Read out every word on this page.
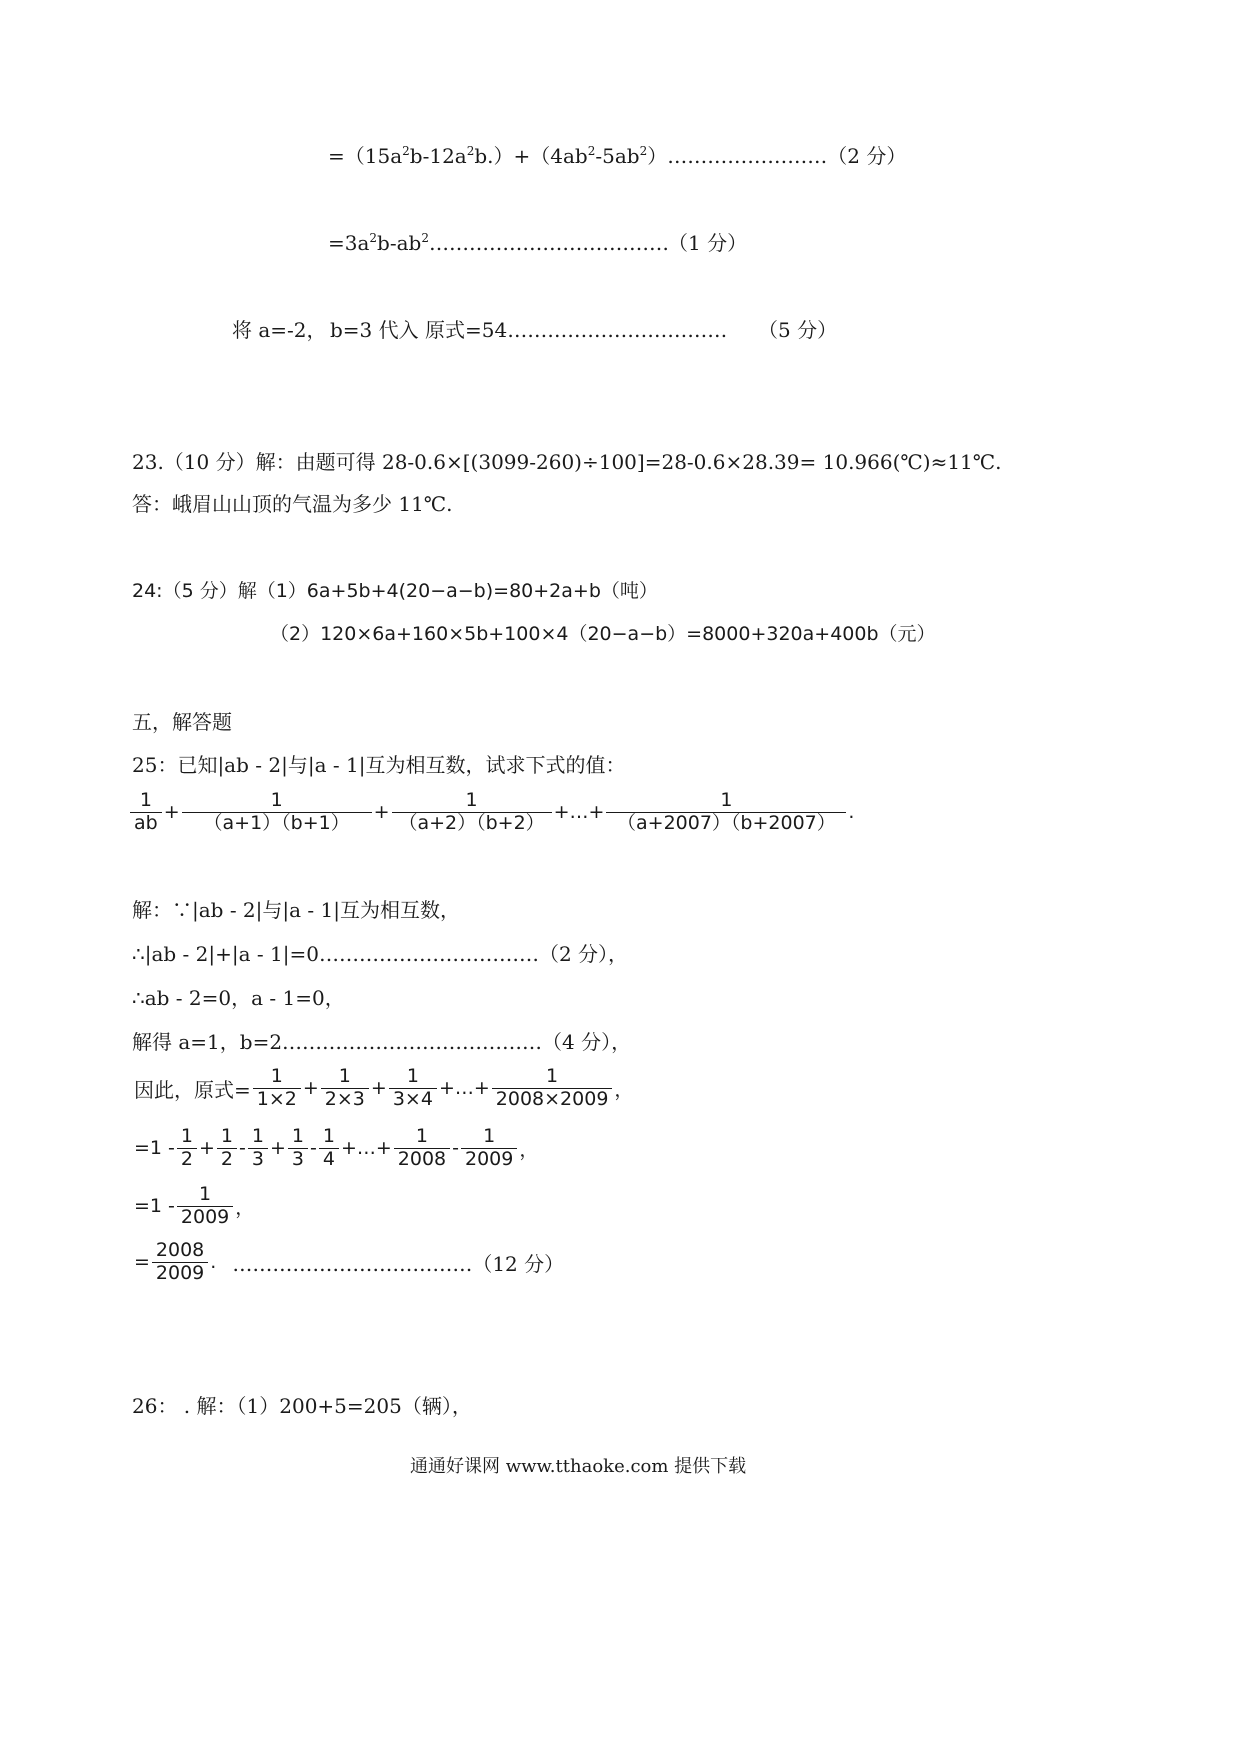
$=(15a^2b-12a^2b.)+(4ab^2-5ab^2)\dots\dots\dots\dots\dots\dots\dots\dots(2$ 分）
$=3a^2b-ab^2\dots\dots\dots\dots\dots\dots\dots\dots\dots\dots\dots\dots$ （1 分）
将 a=-2， b=3 代入 原式=54…………………………… （5 分）
23.（10 分）解：由题可得 28-0.6×[(3099-260)÷100]=28-0.6×28.39= 10.966(℃)≈11℃.
答：峨眉山山顶的气温为多少 11℃.
24:（5 分）解（1）6a+5b+4(20−a−b)=80+2a+b（吨）
（2）120×6a+160×5b+100×4（20−a−b）=8000+320a+400b（元）
五，解答题
25：已知|ab - 2|与|a - 1|互为相互数，试求下式的值：
$\frac{1}{ab} + \frac{1}{(a+1)(b+1)} + \frac{1}{(a+2)(b+2)}$ +…+ $\frac{1}{(a+2007)(b+2007)}$ .
解：∵|ab - 2|与|a - 1|互为相互数，
∴|ab - 2|+|a - 1|=0……………………………（2 分），
∴ab - 2=0，a - 1=0，
解得 a=1，b=2…………………………………（4 分），
因此，原式= $\frac{1}{1\times 2} + \frac{1}{2\times 3} + \frac{1}{3\times 4}$ +…+ $\frac{1}{2008\times 2009}$ ，
$=1 - \frac{1}{2} + \frac{1}{2} - \frac{1}{3} + \frac{1}{3} - \frac{1}{4}$ +…+ $\frac{1}{2008} - \frac{1}{2009}$ ，
$=1 - \frac{1}{2009}$ ，
= $\frac{2008}{2009}$ . ………………………………（12 分）
26： . 解：（1）200+5=205（辆），
通通好课网 www.tthaoke.com 提供下载
